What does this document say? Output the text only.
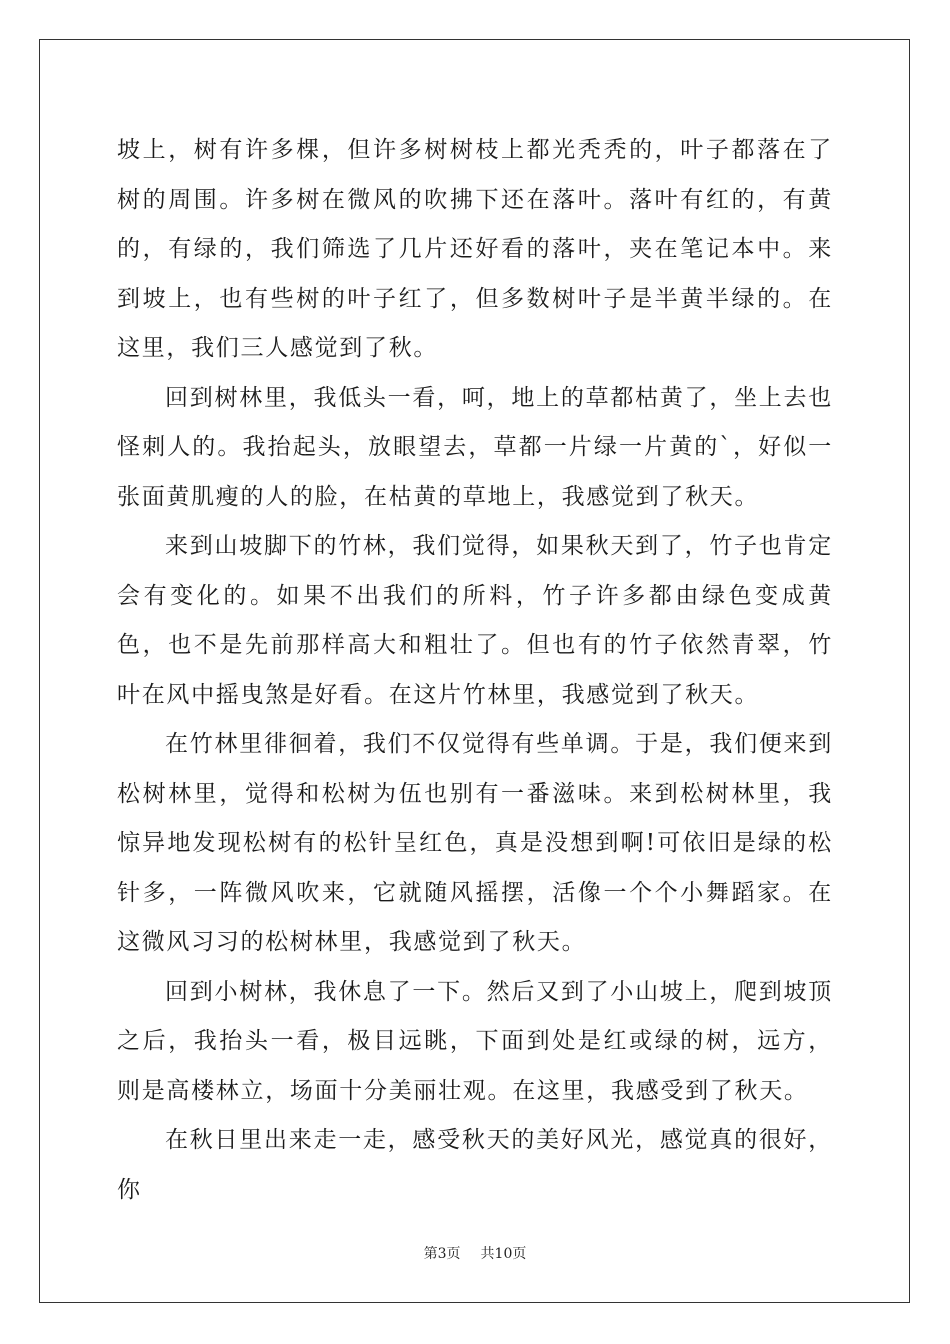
坡上，树有许多棵，但许多树树枝上都光秃秃的，叶子都落在了树的周围。许多树在微风的吹拂下还在落叶。落叶有红的，有黄的，有绿的，我们筛选了几片还好看的落叶，夹在笔记本中。来到坡上，也有些树的叶子红了，但多数树叶子是半黄半绿的。在这里，我们三人感觉到了秋。

回到树林里，我低头一看，呵，地上的草都枯黄了，坐上去也怪刺人的。我抬起头，放眼望去，草都一片绿一片黄的`，好似一张面黄肌瘦的人的脸，在枯黄的草地上，我感觉到了秋天。

来到山坡脚下的竹林，我们觉得，如果秋天到了，竹子也肯定会有变化的。如果不出我们的所料，竹子许多都由绿色变成黄色，也不是先前那样高大和粗壮了。但也有的竹子依然青翠，竹叶在风中摇曳煞是好看。在这片竹林里，我感觉到了秋天。

在竹林里徘徊着，我们不仅觉得有些单调。于是，我们便来到松树林里，觉得和松树为伍也别有一番滋味。来到松树林里，我惊异地发现松树有的松针呈红色，真是没想到啊!可依旧是绿的松针多，一阵微风吹来，它就随风摇摆，活像一个个小舞蹈家。在这微风习习的松树林里，我感觉到了秋天。

回到小树林，我休息了一下。然后又到了小山坡上，爬到坡顶之后，我抬头一看，极目远眺，下面到处是红或绿的树，远方，则是高楼林立，场面十分美丽壮观。在这里，我感受到了秋天。

在秋日里出来走一走，感受秋天的美好风光，感觉真的很好，你

第3页 共10页
